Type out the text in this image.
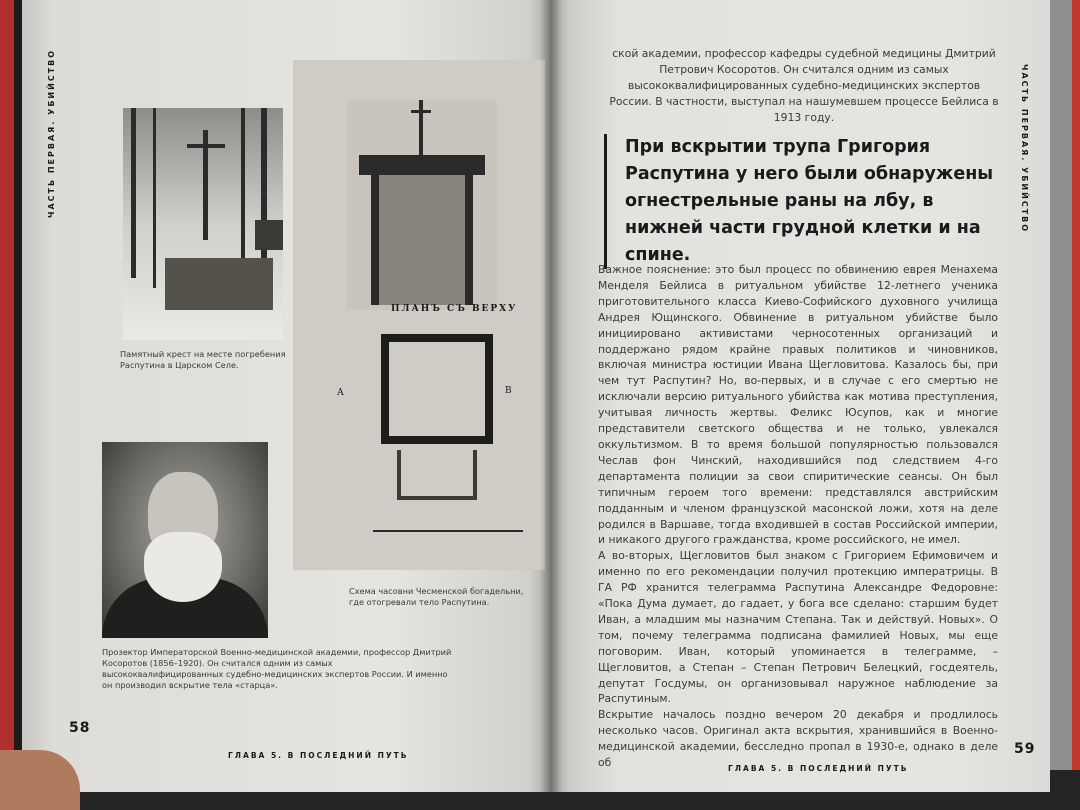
ЧАСТЬ ПЕРВАЯ. УБИЙСТВО
Памятный крест на месте погребения Распутина в Царском Селе.
ПЛАНЪ СЪ ВЕРХУ
А	В
Схема часовни Чесменской богадельни, где отогревали тело Распутина.
Прозектор Императорской Военно-медицинской академии, профессор Дмитрий Косоротов (1856–1920). Он считался одним из самых высококвалифицированных судебно-медицинских экспертов России. И именно он производил вскрытие тела «старца».
58
ГЛАВА 5. В ПОСЛЕДНИЙ ПУТЬ
ЧАСТЬ ПЕРВАЯ. УБИЙСТВО
ской академии, профессор кафедры судебной медицины Дмитрий Петрович Косоротов. Он считался одним из самых высококвалифицированных судебно-медицинских экспертов России. В частности, выступал на нашумевшем процессе Бейлиса в 1913 году.
При вскрытии трупа Григория Распутина у него были обнаружены огнестрельные раны на лбу, в нижней части грудной клетки и на спине.

Важное пояснение: это был процесс по обвинению еврея Менахема Менделя Бейлиса в ритуальном убийстве 12-летнего ученика приготовительного класса Киево-Софийского духовного училища Андрея Ющинского. Обвинение в ритуальном убийстве было инициировано активистами черносотенных организаций и поддержано рядом крайне правых политиков и чиновников, включая министра юстиции Ивана Щегловитова. Казалось бы, при чем тут Распутин? Но, во-первых, и в случае с его смертью не исключали версию ритуального убийства как мотива преступления, учитывая личность жертвы. Феликс Юсупов, как и многие представители светского общества и не только, увлекался оккультизмом. В то время большой популярностью пользовался Чеслав фон Чинский, находившийся под следствием 4-го департамента полиции за свои спиритические сеансы. Он был типичным героем того времени: представлялся австрийским подданным и членом французской масонской ложи, хотя на деле родился в Варшаве, тогда входившей в состав Российской империи, и никакого другого гражданства, кроме российского, не имел.

А во-вторых, Щегловитов был знаком с Григорием Ефимовичем и именно по его рекомендации получил протекцию императрицы. В ГА РФ хранится телеграмма Распутина Александре Федоровне: «Пока Дума думает, до гадает, у бога все сделано: старшим будет Иван, а младшим мы назначим Степана. Так и действуй. Новых». О том, почему телеграмма подписана фамилией Новых, мы еще поговорим. Иван, который упоминается в телеграмме, – Щегловитов, а Степан – Степан Петрович Белецкий, госдеятель, депутат Госдумы, он организовывал наружное наблюдение за Распутиным.

Вскрытие началось поздно вечером 20 декабря и продлилось несколько часов. Оригинал акта вскрытия, хранившийся в Военно-медицинской академии, бесследно пропал в 1930-е, однако в деле об

59
ГЛАВА 5. В ПОСЛЕДНИЙ ПУТЬ
